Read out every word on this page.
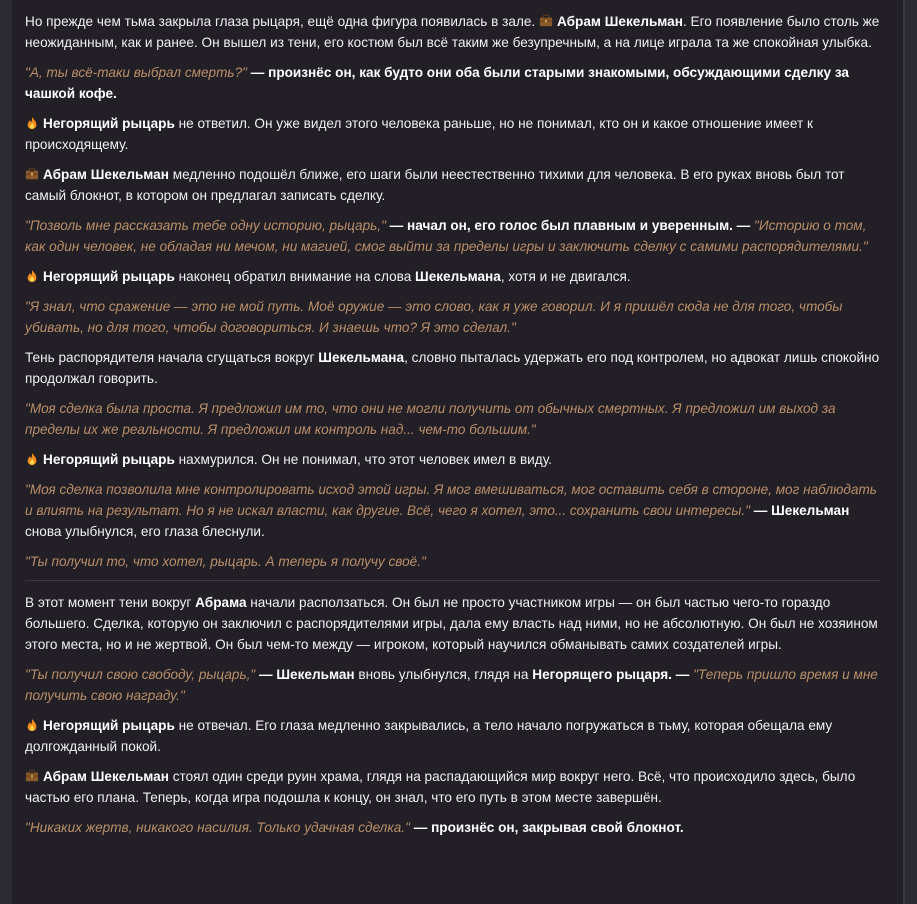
Но прежде чем тьма закрыла глаза рыцаря, ещё одна фигура появилась в зале. Абрам Шекельман. Его появление было столь же неожиданным, как и ранее. Он вышел из тени, его костюм был всё таким же безупречным, а на лице играла та же спокойная улыбка.

"А, ты всё-таки выбрал смерть?" — произнёс он, как будто они оба были старыми знакомыми, обсуждающими сделку за чашкой кофе.

Негорящий рыцарь не ответил. Он уже видел этого человека раньше, но не понимал, кто он и какое отношение имеет к происходящему.

Абрам Шекельман медленно подошёл ближе, его шаги были неестественно тихими для человека. В его руках вновь был тот самый блокнот, в котором он предлагал записать сделку.

"Позволь мне рассказать тебе одну историю, рыцарь," — начал он, его голос был плавным и уверенным. — "Историю о том, как один человек, не обладая ни мечом, ни магией, смог выйти за пределы игры и заключить сделку с самими распорядителями."

Негорящий рыцарь наконец обратил внимание на слова Шекельмана, хотя и не двигался.

"Я знал, что сражение — это не мой путь. Моё оружие — это слово, как я уже говорил. И я пришёл сюда не для того, чтобы убивать, но для того, чтобы договориться. И знаешь что? Я это сделал."

Тень распорядителя начала сгущаться вокруг Шекельмана, словно пыталась удержать его под контролем, но адвокат лишь спокойно продолжал говорить.

"Моя сделка была проста. Я предложил им то, что они не могли получить от обычных смертных. Я предложил им выход за пределы их же реальности. Я предложил им контроль над... чем-то большим."

Негорящий рыцарь нахмурился. Он не понимал, что этот человек имел в виду.

"Моя сделка позволила мне контролировать исход этой игры. Я мог вмешиваться, мог оставить себя в стороне, мог наблюдать и влиять на результат. Но я не искал власти, как другие. Всё, чего я хотел, это... сохранить свои интересы." — Шекельман снова улыбнулся, его глаза блеснули.

"Ты получил то, что хотел, рыцарь. А теперь я получу своё."

В этот момент тени вокруг Абрама начали расползаться. Он был не просто участником игры — он был частью чего-то гораздо большего. Сделка, которую он заключил с распорядителями игры, дала ему власть над ними, но не абсолютную. Он был не хозяином этого места, но и не жертвой. Он был чем-то между — игроком, который научился обманывать самих создателей игры.

"Ты получил свою свободу, рыцарь," — Шекельман вновь улыбнулся, глядя на Негорящего рыцаря. — "Теперь пришло время и мне получить свою награду."

Негорящий рыцарь не отвечал. Его глаза медленно закрывались, а тело начало погружаться в тьму, которая обещала ему долгожданный покой.

Абрам Шекельман стоял один среди руин храма, глядя на распадающийся мир вокруг него. Всё, что происходило здесь, было частью его плана. Теперь, когда игра подошла к концу, он знал, что его путь в этом месте завершён.

"Никаких жертв, никакого насилия. Только удачная сделка." — произнёс он, закрывая свой блокнот.
